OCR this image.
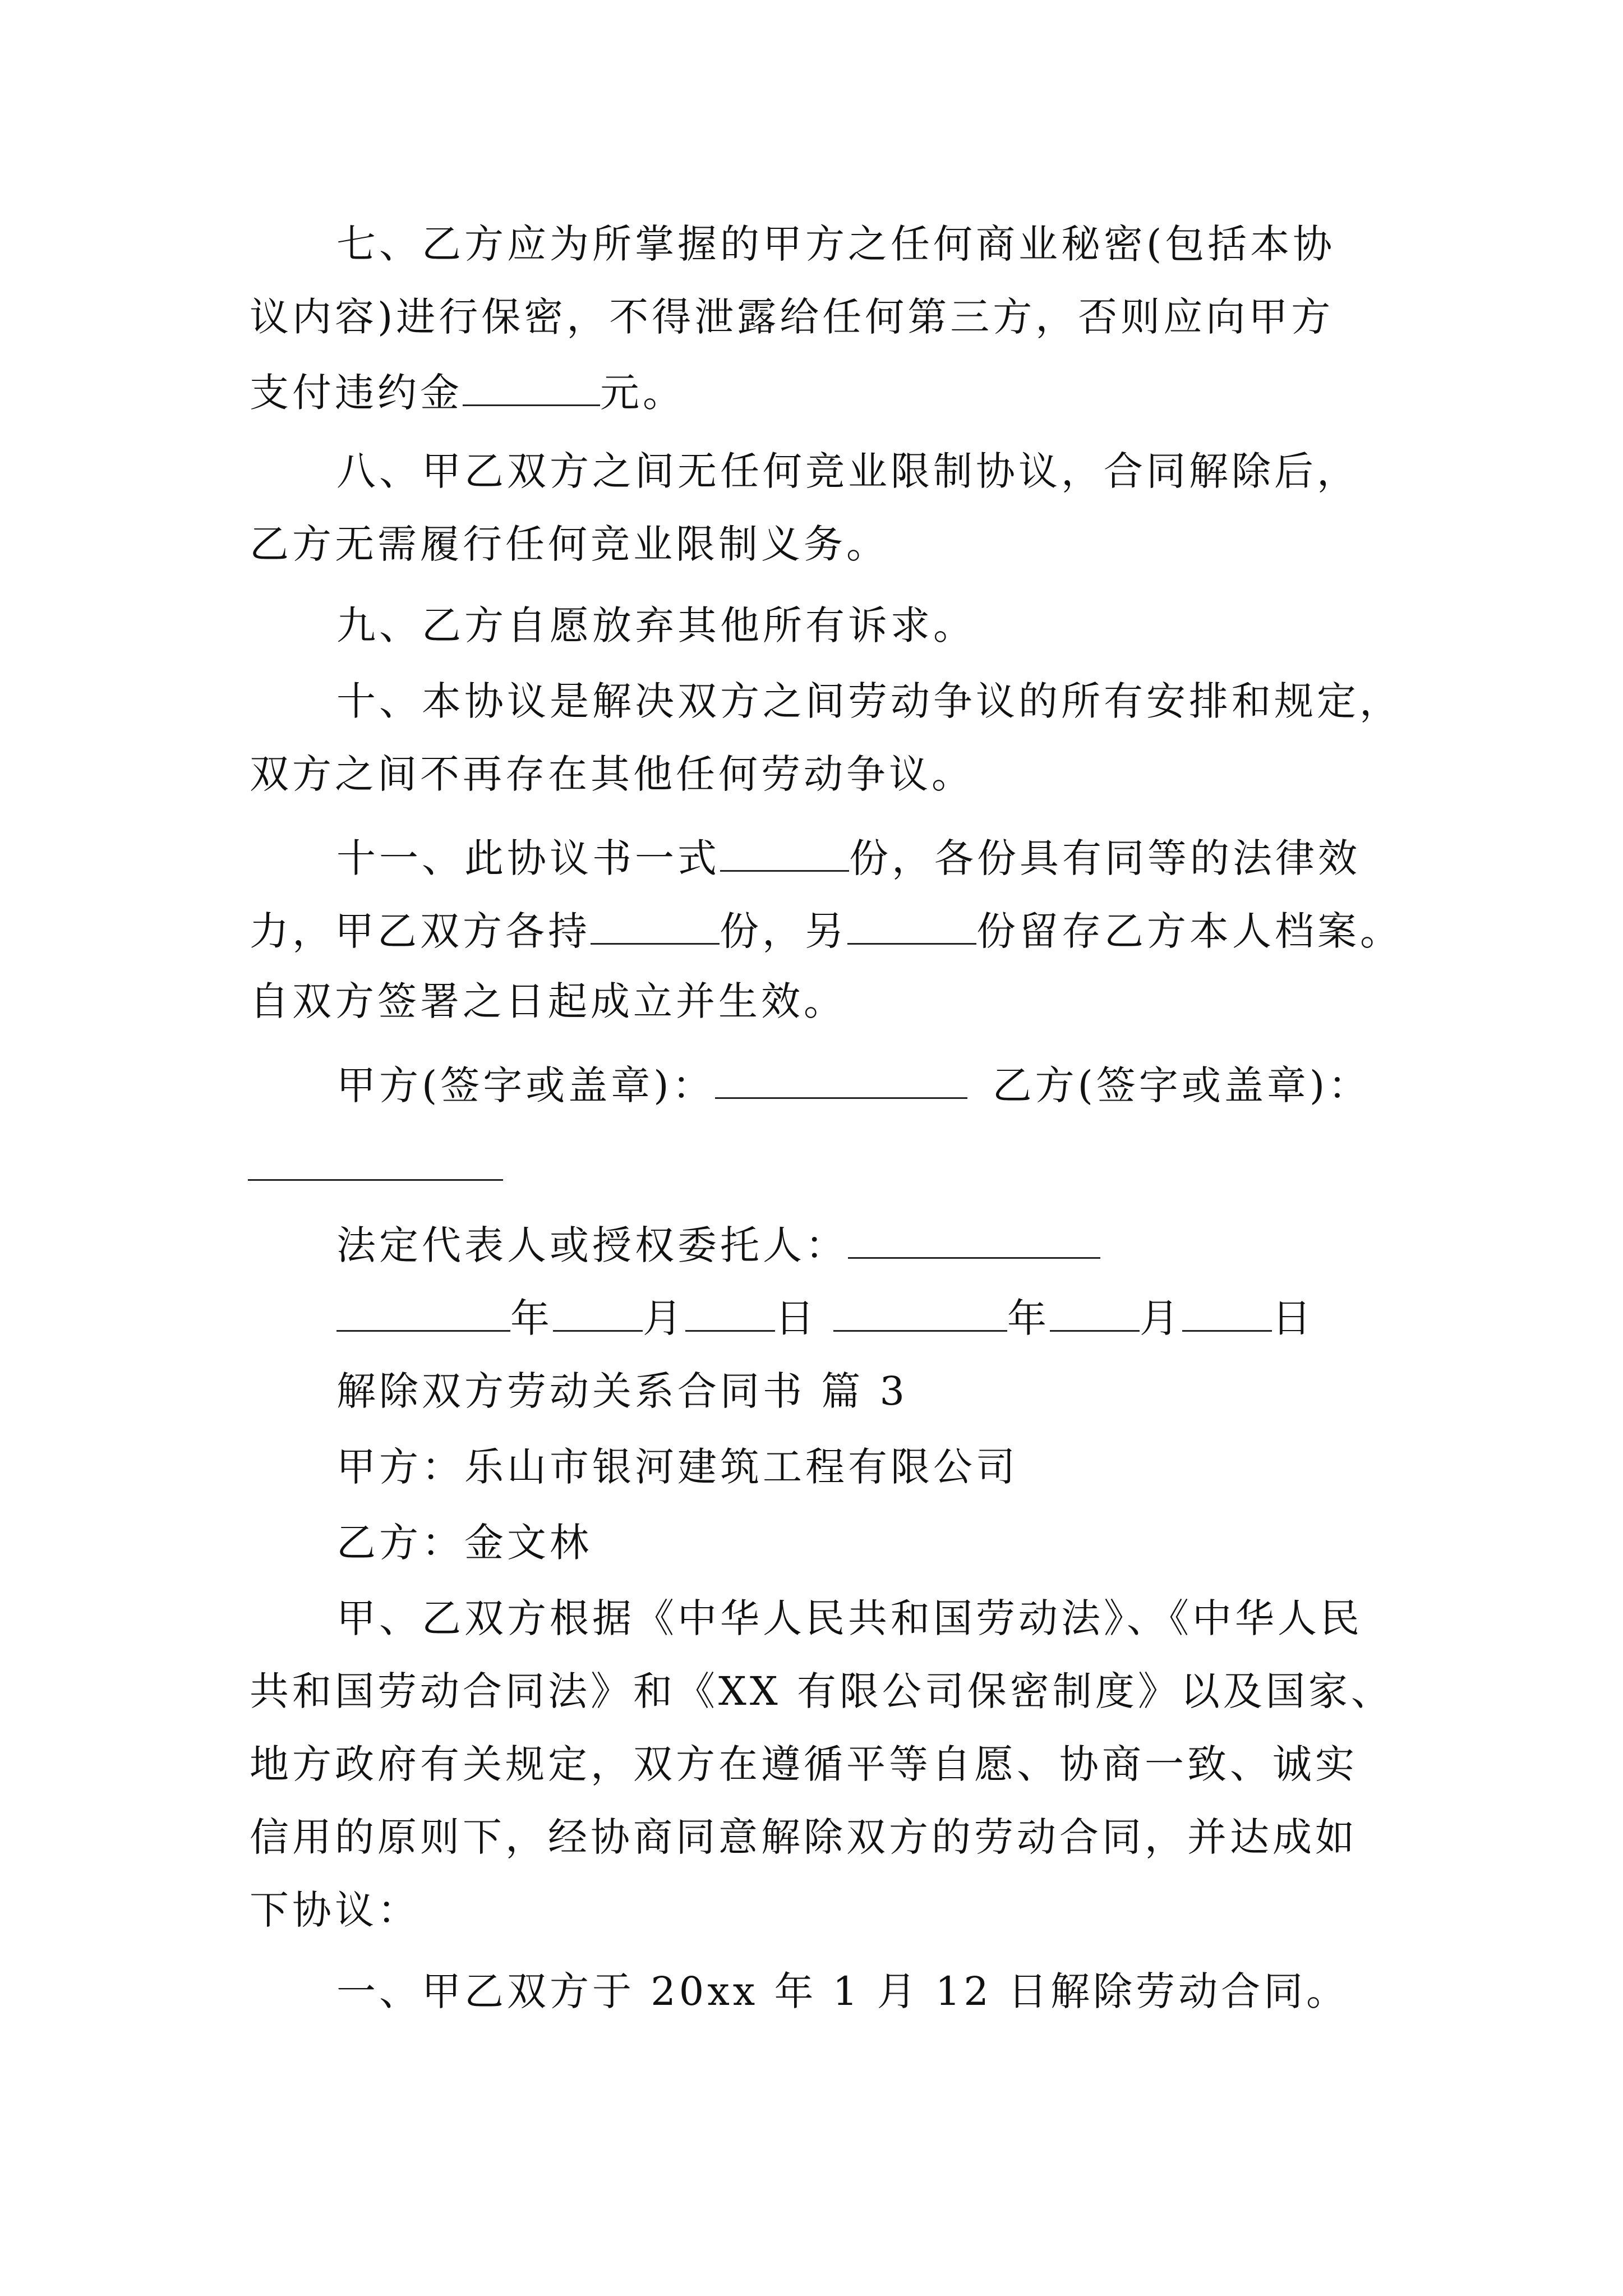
七、乙方应为所掌握的甲方之任何商业秘密(包括本协
议内容)进行保密，不得泄露给任何第三方，否则应向甲方
支付违约金	元。
八、甲乙双方之间无任何竞业限制协议，合同解除后，
乙方无需履行任何竞业限制义务。
九、乙方自愿放弃其他所有诉求。
十、本协议是解决双方之间劳动争议的所有安排和规定，
双方之间不再存在其他任何劳动争议。
十一、此协议书一式	份，各份具有同等的法律效
力，甲乙双方各持	份，另	份留存乙方本人档案。
自双方签署之日起成立并生效。
甲方(签字或盖章)：	乙方(签字或盖章)：
法定代表人或授权委托人：
年 月 日	年 月 日
解除双方劳动关系合同书 篇 3
甲方：乐山市银河建筑工程有限公司
乙方：金文林
甲、乙双方根据《中华人民共和国劳动法》、《中华人民
共和国劳动合同法》和《XX 有限公司保密制度》以及国家、
地方政府有关规定，双方在遵循平等自愿、协商一致、诚实
信用的原则下，经协商同意解除双方的劳动合同，并达成如
下协议：
一、甲乙双方于 20xx 年 1 月 12 日解除劳动合同。
